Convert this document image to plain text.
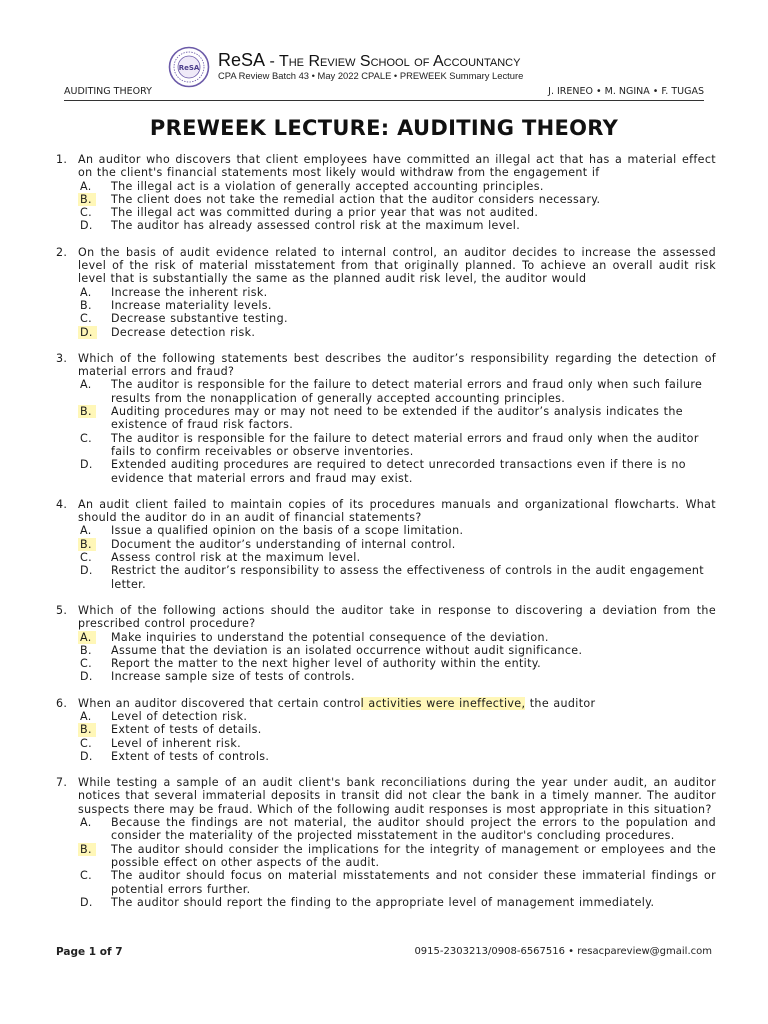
ReSA ReSA - The Review School of Accountancy
CPA Review Batch 43 • May 2022 CPALE • PREWEEK Summary Lecture
AUDITING THEORY	J. IRENEO • M. NGINA • F. TUGAS
PREWEEK LECTURE: AUDITING THEORY
1. An auditor who discovers that client employees have committed an illegal act that has a material effect on the client's financial statements most likely would withdraw from the engagement if
A.	The illegal act is a violation of generally accepted accounting principles.
B.	The client does not take the remedial action that the auditor considers necessary.
C.	The illegal act was committed during a prior year that was not audited.
D.	The auditor has already assessed control risk at the maximum level.
2. On the basis of audit evidence related to internal control, an auditor decides to increase the assessed level of the risk of material misstatement from that originally planned. To achieve an overall audit risk level that is substantially the same as the planned audit risk level, the auditor would
A.	Increase the inherent risk.
B.	Increase materiality levels.
C.	Decrease substantive testing.
D.	Decrease detection risk.
3. Which of the following statements best describes the auditor’s responsibility regarding the detection of material errors and fraud?
A.	The auditor is responsible for the failure to detect material errors and fraud only when such failure results from the nonapplication of generally accepted accounting principles.
B.	Auditing procedures may or may not need to be extended if the auditor’s analysis indicates the existence of fraud risk factors.
C.	The auditor is responsible for the failure to detect material errors and fraud only when the auditor fails to confirm receivables or observe inventories.
D.	Extended auditing procedures are required to detect unrecorded transactions even if there is no evidence that material errors and fraud may exist.
4. An audit client failed to maintain copies of its procedures manuals and organizational flowcharts. What should the auditor do in an audit of financial statements?
A.	Issue a qualified opinion on the basis of a scope limitation.
B.	Document the auditor’s understanding of internal control.
C.	Assess control risk at the maximum level.
D.	Restrict the auditor’s responsibility to assess the effectiveness of controls in the audit engagement letter.
5. Which of the following actions should the auditor take in response to discovering a deviation from the prescribed control procedure?
A.	Make inquiries to understand the potential consequence of the deviation.
B.	Assume that the deviation is an isolated occurrence without audit significance.
C.	Report the matter to the next higher level of authority within the entity.
D.	Increase sample size of tests of controls.
6. When an auditor discovered that certain control activities were ineffective, the auditor
A.	Level of detection risk.
B.	Extent of tests of details.
C.	Level of inherent risk.
D.	Extent of tests of controls.
7. While testing a sample of an audit client's bank reconciliations during the year under audit, an auditor notices that several immaterial deposits in transit did not clear the bank in a timely manner. The auditor suspects there may be fraud. Which of the following audit responses is most appropriate in this situation?
A.	Because the findings are not material, the auditor should project the errors to the population and consider the materiality of the projected misstatement in the auditor's concluding procedures.
B.	The auditor should consider the implications for the integrity of management or employees and the possible effect on other aspects of the audit.
C.	The auditor should focus on material misstatements and not consider these immaterial findings or potential errors further.
D.	The auditor should report the finding to the appropriate level of management immediately.
Page 1 of 7	0915-2303213/0908-6567516 • resacpareview@gmail.com
